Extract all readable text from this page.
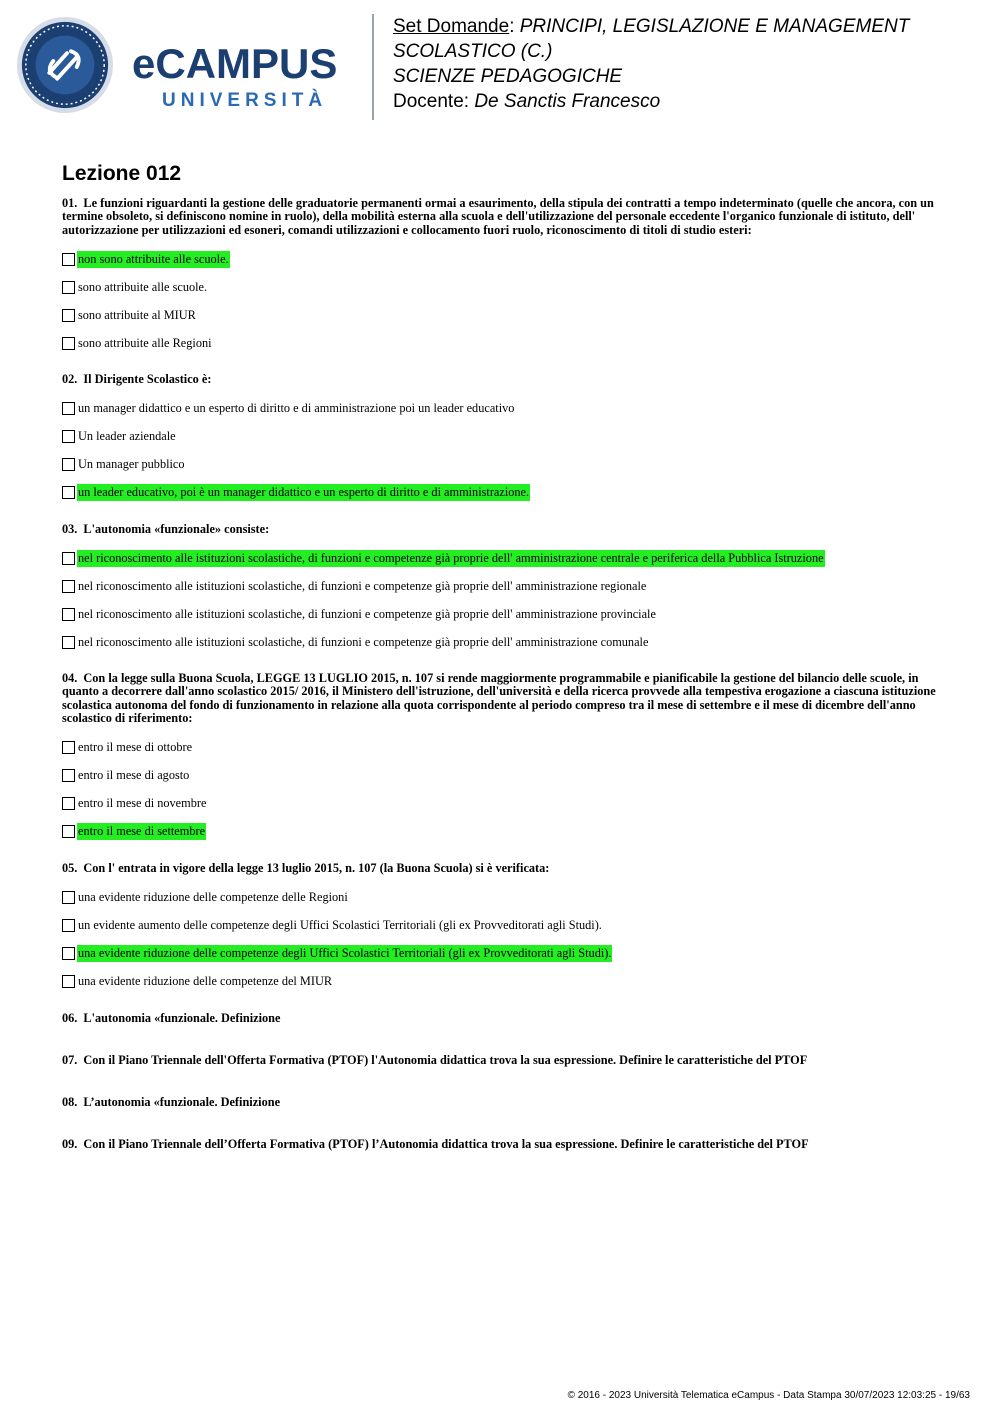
eCAMPUS
UNIVERSITÀ
Set Domande: PRINCIPI, LEGISLAZIONE E MANAGEMENT
SCOLASTICO (C.)
SCIENZE PEDAGOGICHE
Docente: De Sanctis Francesco
Lezione 012
01. Le funzioni riguardanti la gestione delle graduatorie permanenti ormai a esaurimento, della stipula dei contratti a tempo indeterminato (quelle che ancora, con un termine obsoleto, si definiscono nomine in ruolo), della mobilità esterna alla scuola e dell'utilizzazione del personale eccedente l'organico funzionale di istituto, dell' autorizzazione per utilizzazioni ed esoneri, comandi utilizzazioni e collocamento fuori ruolo, riconoscimento di titoli di studio esteri:
non sono attribuite alle scuole.
sono attribuite alle scuole.
sono attribuite al MIUR
sono attribuite alle Regioni
02. Il Dirigente Scolastico è:
un manager didattico e un esperto di diritto e di amministrazione poi un leader educativo
Un leader aziendale
Un manager pubblico
un leader educativo, poi è un manager didattico e un esperto di diritto e di amministrazione.
03. L'autonomia «funzionale» consiste:
nel riconoscimento alle istituzioni scolastiche, di funzioni e competenze già proprie dell' amministrazione centrale e periferica della Pubblica Istruzione
nel riconoscimento alle istituzioni scolastiche, di funzioni e competenze già proprie dell' amministrazione regionale
nel riconoscimento alle istituzioni scolastiche, di funzioni e competenze già proprie dell' amministrazione provinciale
nel riconoscimento alle istituzioni scolastiche, di funzioni e competenze già proprie dell' amministrazione comunale
04. Con la legge sulla Buona Scuola, LEGGE 13 LUGLIO 2015, n. 107 si rende maggiormente programmabile e pianificabile la gestione del bilancio delle scuole, in quanto a decorrere dall'anno scolastico 2015/ 2016, il Ministero dell'istruzione, dell'università e della ricerca provvede alla tempestiva erogazione a ciascuna istituzione scolastica autonoma del fondo di funzionamento in relazione alla quota corrispondente al periodo compreso tra il mese di settembre e il mese di dicembre dell'anno scolastico di riferimento:
entro il mese di ottobre
entro il mese di agosto
entro il mese di novembre
entro il mese di settembre
05. Con l' entrata in vigore della legge 13 luglio 2015, n. 107 (la Buona Scuola) si è verificata:
una evidente riduzione delle competenze delle Regioni
un evidente aumento delle competenze degli Uffici Scolastici Territoriali (gli ex Provveditorati agli Studi).
una evidente riduzione delle competenze degli Uffici Scolastici Territoriali (gli ex Provveditorati agli Studi).
una evidente riduzione delle competenze del MIUR
06. L'autonomia «funzionale. Definizione
07. Con il Piano Triennale dell'Offerta Formativa (PTOF) l'Autonomia didattica trova la sua espressione. Definire le caratteristiche del PTOF
08. L’autonomia «funzionale. Definizione
09. Con il Piano Triennale dell’Offerta Formativa (PTOF) l’Autonomia didattica trova la sua espressione. Definire le caratteristiche del PTOF
© 2016 - 2023 Università Telematica eCampus - Data Stampa 30/07/2023 12:03:25 - 19/63
